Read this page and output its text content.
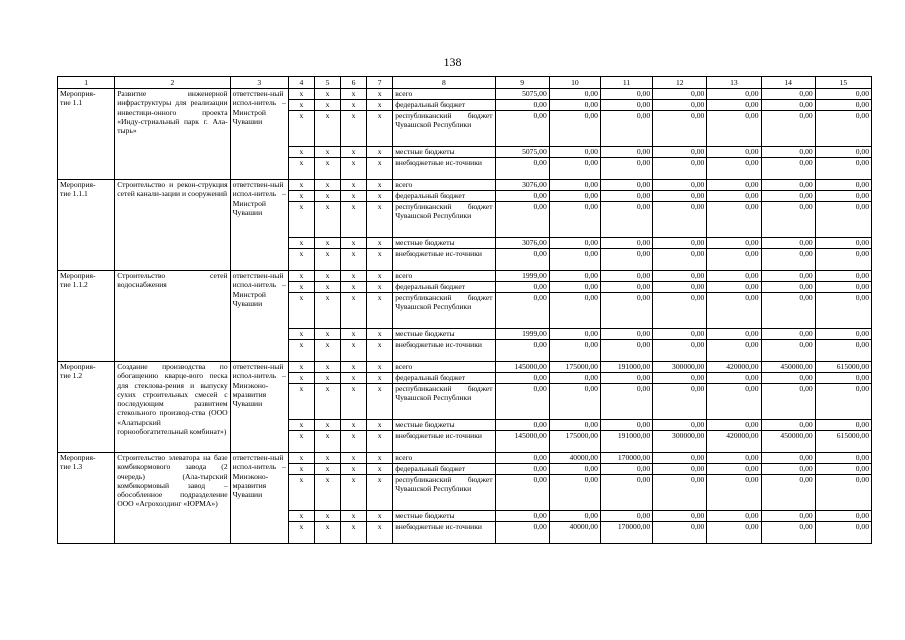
138
1	2	3	4	5	6	7	8	9	10	11	12	13	14	15
Мероприя-
тие 1.1	Развитие инженерной инфраструктуры для реализации инвестици-онного проекта «Инду-стриальный парк г. Ала-тырь»	ответствен-ный испол-нитель – Минстрой Чувашии	x	x	x	x	всего	5075,00	0,00	0,00	0,00	0,00	0,00	0,00
			x	x	x	x	федеральный бюджет	0,00	0,00	0,00	0,00	0,00	0,00	0,00
			x	x	x	x	республиканский бюджет Чувашской Республики	0,00	0,00	0,00	0,00	0,00	0,00	0,00
			x	x	x	x	местные бюджеты	5075,00	0,00	0,00	0,00	0,00	0,00	0,00
			x	x	x	x	внебюджетные ис-точники	0,00	0,00	0,00	0,00	0,00	0,00	0,00
Мероприя-
тие 1.1.1	Строительство и рекон-струкция сетей канали-зации и сооружений	ответствен-ный испол-нитель – Минстрой Чувашии	x	x	x	x	всего	3076,00	0,00	0,00	0,00	0,00	0,00	0,00
			x	x	x	x	федеральный бюджет	0,00	0,00	0,00	0,00	0,00	0,00	0,00
			x	x	x	x	республиканский бюджет Чувашской Республики	0,00	0,00	0,00	0,00	0,00	0,00	0,00
			x	x	x	x	местные бюджеты	3076,00	0,00	0,00	0,00	0,00	0,00	0,00
			x	x	x	x	внебюджетные ис-точники	0,00	0,00	0,00	0,00	0,00	0,00	0,00
Мероприя-
тие 1.1.2	Строительство сетей водоснабжения	ответствен-ный испол-нитель – Минстрой Чувашии	x	x	x	x	всего	1999,00	0,00	0,00	0,00	0,00	0,00	0,00
			x	x	x	x	федеральный бюджет	0,00	0,00	0,00	0,00	0,00	0,00	0,00
			x	x	x	x	республиканский бюджет Чувашской Республики	0,00	0,00	0,00	0,00	0,00	0,00	0,00
			x	x	x	x	местные бюджеты	1999,00	0,00	0,00	0,00	0,00	0,00	0,00
			x	x	x	x	внебюджетные ис-точники	0,00	0,00	0,00	0,00	0,00	0,00	0,00
Мероприя-
тие 1.2	Создание производства по обогащению кварце-вого песка для стеклова-рения и выпуску сухих строительных смесей с последующим развитием стекольного производ-ства (ООО «Алатырский горнообогатительный комбинат»)	ответствен-ный испол-нитель – Минэконо-мразвития Чувашии	x	x	x	x	всего	145000,00	175000,00	191000,00	300000,00	420000,00	450000,00	615000,00
			x	x	x	x	федеральный бюджет	0,00	0,00	0,00	0,00	0,00	0,00	0,00
			x	x	x	x	республиканский бюджет Чувашской Республики	0,00	0,00	0,00	0,00	0,00	0,00	0,00
			x	x	x	x	местные бюджеты	0,00	0,00	0,00	0,00	0,00	0,00	0,00
			x	x	x	x	внебюджетные ис-точники	145000,00	175000,00	191000,00	300000,00	420000,00	450000,00	615000,00
Мероприя-
тие 1.3	Строительство элеватора на базе комбикормового завода (2 очередь) (Ала-тырский комбикормовый завод – обособленное подразделение ООО «Агрохолдинг «ЮРМА»)	ответствен-ный испол-нитель – Минэконо-мразвития Чувашии	x	x	x	x	всего	0,00	40000,00	170000,00	0,00	0,00	0,00	0,00
			x	x	x	x	федеральный бюджет	0,00	0,00	0,00	0,00	0,00	0,00	0,00
			x	x	x	x	республиканский бюджет Чувашской Республики	0,00	0,00	0,00	0,00	0,00	0,00	0,00
			x	x	x	x	местные бюджеты	0,00	0,00	0,00	0,00	0,00	0,00	0,00
			x	x	x	x	внебюджетные ис-точники	0,00	40000,00	170000,00	0,00	0,00	0,00	0,00
